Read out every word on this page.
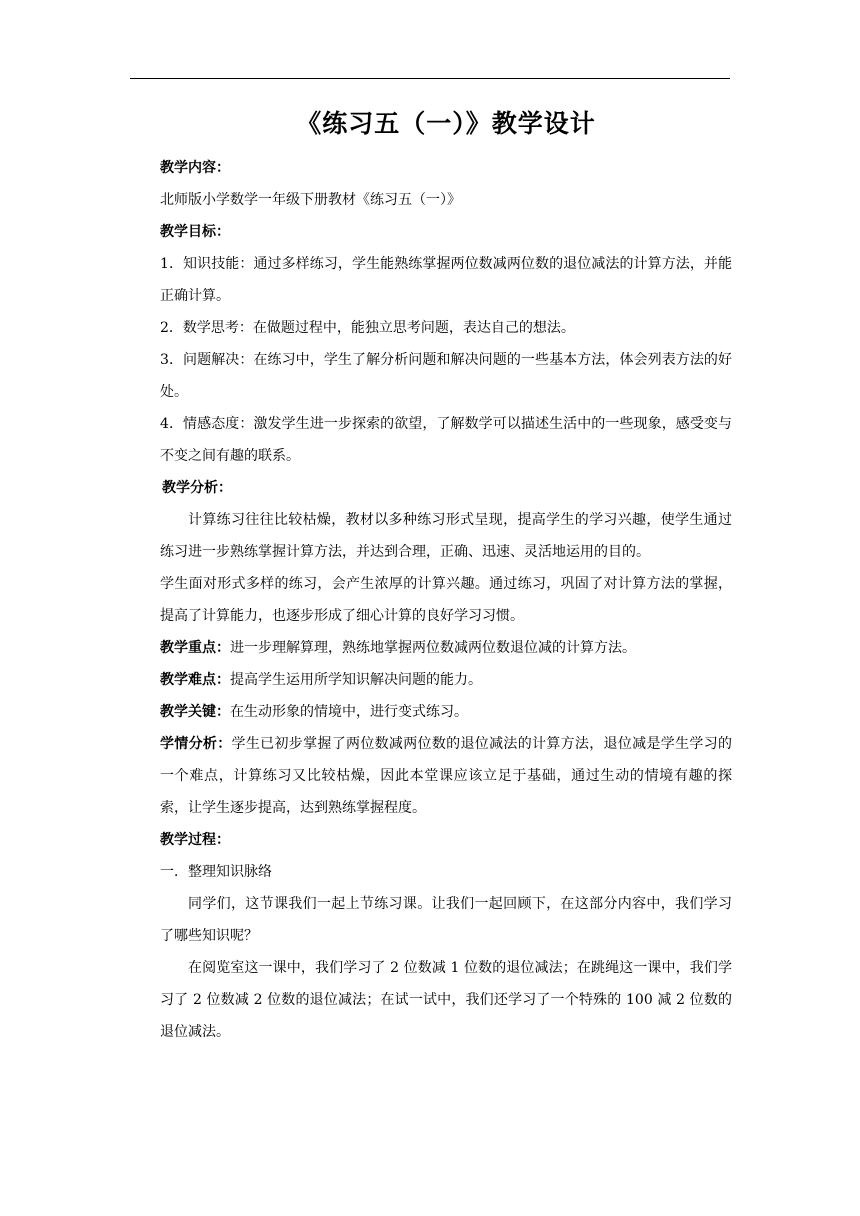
《练习五（一）》教学设计

教学内容：

北师版小学数学一年级下册教材《练习五（一）》

教学目标：

1．知识技能：通过多样练习，学生能熟练掌握两位数减两位数的退位减法的计算方法，并能正确计算。

2．数学思考：在做题过程中，能独立思考问题，表达自己的想法。

3．问题解决：在练习中，学生了解分析问题和解决问题的一些基本方法，体会列表方法的好处。

4．情感态度：激发学生进一步探索的欲望，了解数学可以描述生活中的一些现象，感受变与不变之间有趣的联系。

教学分析：

计算练习往往比较枯燥，教材以多种练习形式呈现，提高学生的学习兴趣，使学生通过练习进一步熟练掌握计算方法，并达到合理，正确、迅速、灵活地运用的目的。

学生面对形式多样的练习，会产生浓厚的计算兴趣。通过练习，巩固了对计算方法的掌握，提高了计算能力，也逐步形成了细心计算的良好学习习惯。

教学重点：进一步理解算理，熟练地掌握两位数减两位数退位减的计算方法。

教学难点：提高学生运用所学知识解决问题的能力。

教学关键：在生动形象的情境中，进行变式练习。

学情分析：学生已初步掌握了两位数减两位数的退位减法的计算方法，退位减是学生学习的一个难点，计算练习又比较枯燥，因此本堂课应该立足于基础，通过生动的情境有趣的探索，让学生逐步提高，达到熟练掌握程度。

教学过程：

一．整理知识脉络

同学们，这节课我们一起上节练习课。让我们一起回顾下，在这部分内容中，我们学习了哪些知识呢？

在阅览室这一课中，我们学习了 2 位数减 1 位数的退位减法；在跳绳这一课中，我们学习了 2 位数减 2 位数的退位减法；在试一试中，我们还学习了一个特殊的 100 减 2 位数的退位减法。
